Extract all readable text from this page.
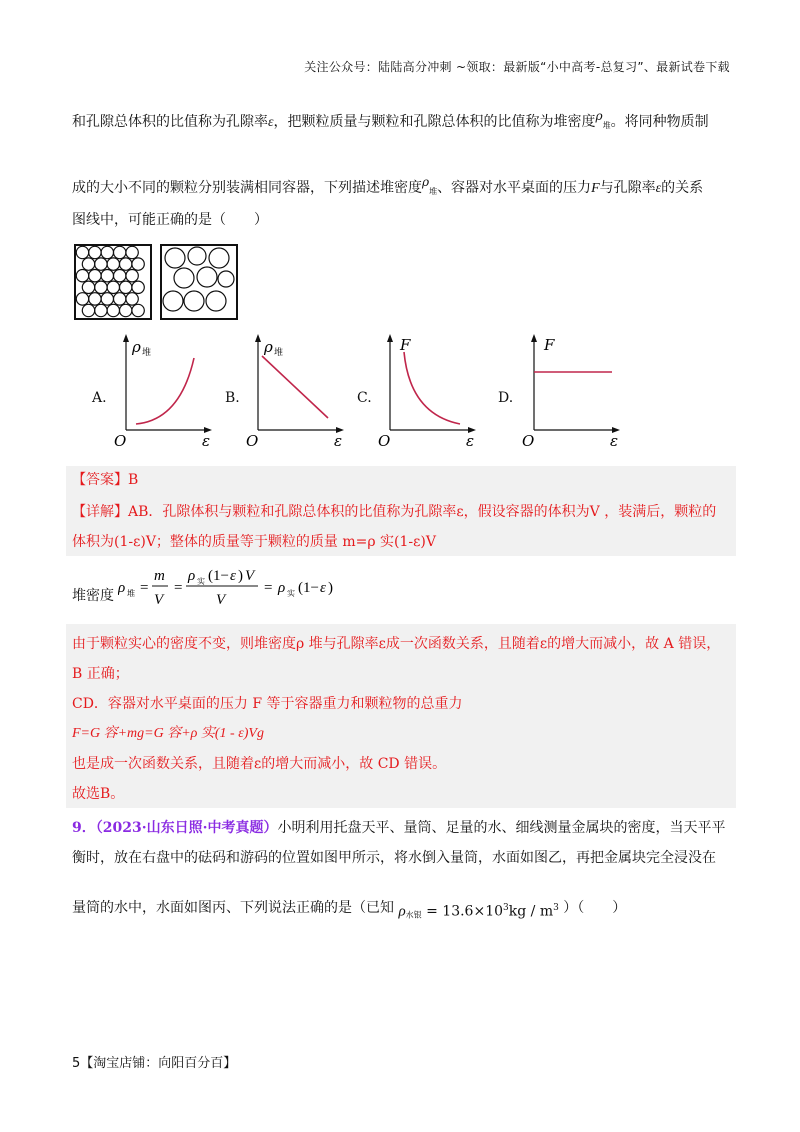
关注公众号：陆陆高分冲刺 ~领取：最新版“小中高考-总复习”、最新试卷下载
和孔隙总体积的比值称为孔隙率ε，把颗粒质量与颗粒和孔隙总体积的比值称为堆密度$\rho_堆$。将同种物质制
成的大小不同的颗粒分别装满相同容器，下列描述堆密度$\rho_堆$、容器对水平桌面的压力F与孔隙率ε的关系
图线中，可能正确的是（　　）
A.
ρ 堆
O	ε
B.
ρ 堆
O	ε
C.
F
O	ε
D.
F
O	ε
【答案】B
【详解】AB．孔隙体积与颗粒和孔隙总体积的比值称为孔隙率ε，假设容器的体积为V ，装满后，颗粒的
体积为(1-ε)V；整体的质量等于颗粒的质量 m=ρ 实(1-ε)V
堆密度 ρ 堆 =
m
V
=
ρ 实 (1− ε ) V
V
= ρ 实 (1− ε )
由于颗粒实心的密度不变，则堆密度ρ 堆与孔隙率ε成一次函数关系，且随着ε的增大而减小，故 A 错误，
B 正确；
CD．容器对水平桌面的压力 F 等于容器重力和颗粒物的总重力
F=G 容+mg=G 容+ρ 实(1 - ε)Vg
也是成一次函数关系，且随着ε的增大而减小，故 CD 错误。
故选B。
9．（2023·山东日照·中考真题）小明利用托盘天平、量筒、足量的水、细线测量金属块的密度，当天平平
衡时，放在右盘中的砝码和游码的位置如图甲所示，将水倒入量筒，水面如图乙，再把金属块完全浸没在
量筒的水中，水面如图丙、下列说法正确的是（已知 $\rho_{水银} = 13.6\times 10^3kg / m^3$ ）（　　）
5【淘宝店铺：向阳百分百】
